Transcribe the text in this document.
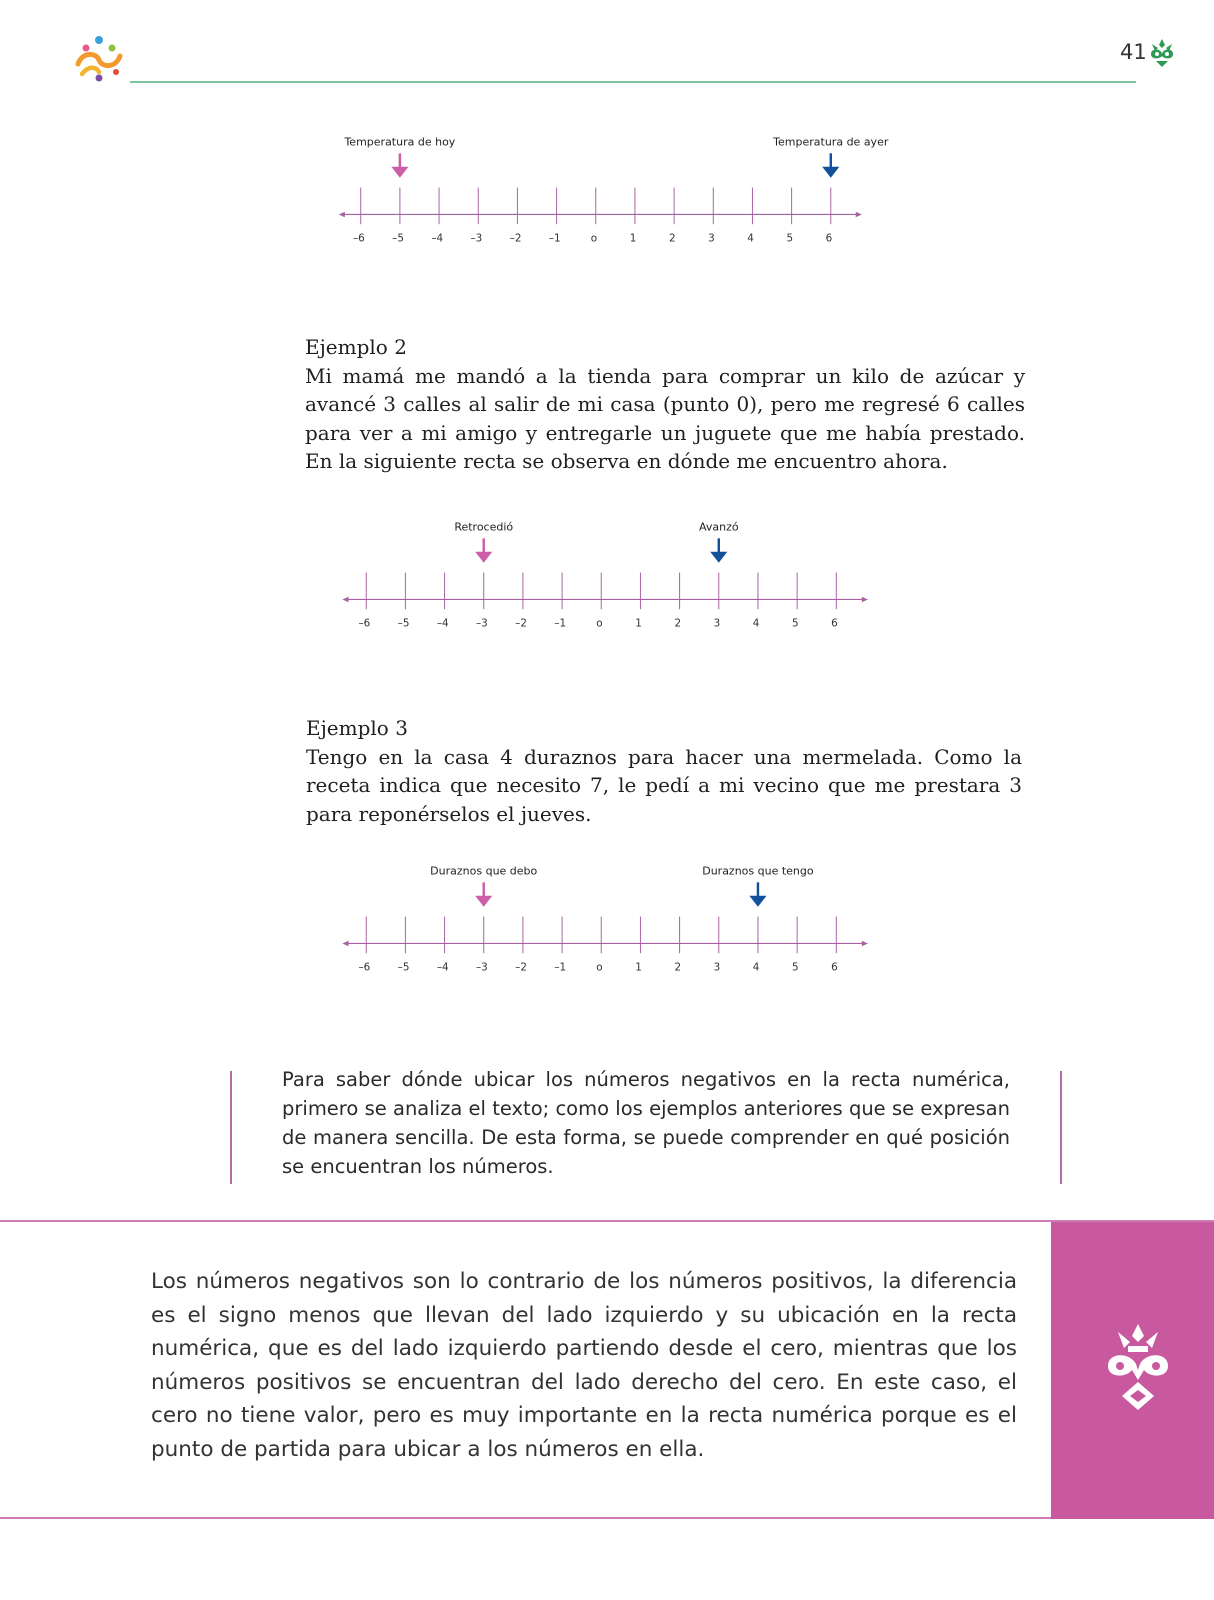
41
–6 –5 –4 –3 –2 –1 o 1 2 3 4 5 6
Temperatura de hoy	Temperatura de ayer
–6 –5 –4 –3 –2 –1 o 1 2 3 4 5 6
Retrocedió	Avanzó
–6 –5 –4 –3 –2 –1 o 1 2 3 4 5 6
Duraznos que debo	Duraznos que tengo
Ejemplo 2
Mi mamá me mandó a la tienda para comprar un kilo de azúcar y avancé 3 calles al salir de mi casa (punto 0), pero me regresé 6 calles para ver a mi amigo y entregarle un juguete que me había prestado. En la siguiente recta se observa en dónde me encuentro ahora.
Ejemplo 3
Tengo en la casa 4 duraznos para hacer una mermelada. Como la receta indica que necesito 7, le pedí a mi vecino que me prestara 3 para reponérselos el jueves.
Para saber dónde ubicar los números negativos en la recta numérica, primero se analiza el texto; como los ejemplos anteriores que se expresan de manera sencilla. De esta forma, se puede comprender en qué posición se encuentran los números.
Los números negativos son lo contrario de los números positivos, la diferencia es el signo menos que llevan del lado izquierdo y su ubicación en la recta numérica, que es del lado izquierdo partiendo desde el cero, mientras que los números positivos se encuentran del lado derecho del cero. En este caso, el cero no tiene valor, pero es muy importante en la recta numérica porque es el punto de partida para ubicar a los números en ella.
